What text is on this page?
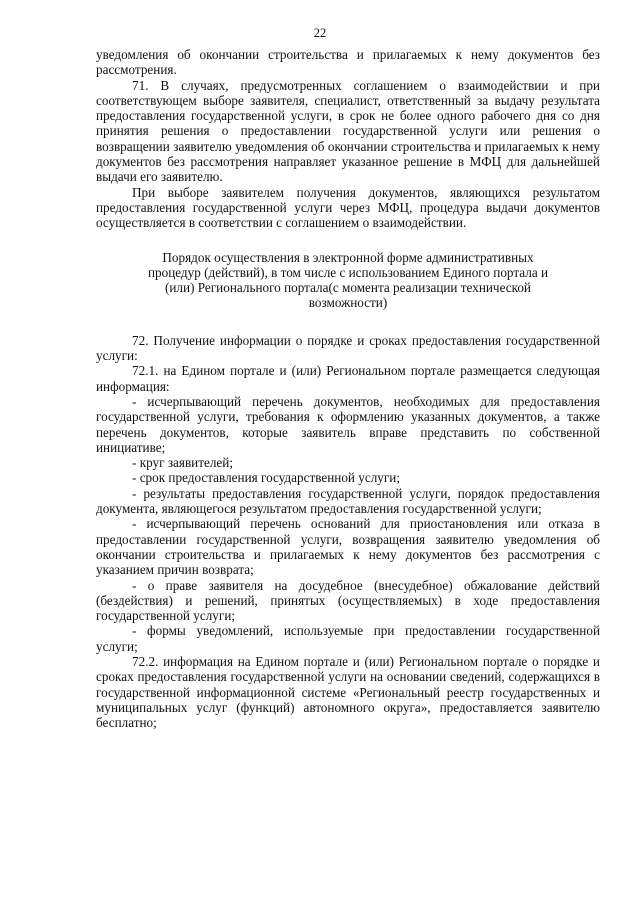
22

уведомления об окончании строительства и прилагаемых к нему документов без рассмотрения.

71. В случаях, предусмотренных соглашением о взаимодействии и при соответствующем выборе заявителя, специалист, ответственный за выдачу результата предоставления государственной услуги, в срок не более одного рабочего дня со дня принятия решения о предоставлении государственной услуги или решения о возвращении заявителю уведомления об окончании строительства и прилагаемых к нему документов без рассмотрения направляет указанное решение в МФЦ для дальнейшей выдачи его заявителю.

При выборе заявителем получения документов, являющихся результатом предоставления государственной услуги через МФЦ, процедура выдачи документов осуществляется в соответствии с соглашением о взаимодействии.

Порядок осуществления в электронной форме административных процедур (действий), в том числе с использованием Единого портала и (или) Регионального портала(с момента реализации технической возможности)

72. Получение информации о порядке и сроках предоставления государственной услуги:

72.1. на Едином портале и (или) Региональном портале размещается следующая информация:

- исчерпывающий перечень документов, необходимых для предоставления государственной услуги, требования к оформлению указанных документов, а также перечень документов, которые заявитель вправе представить по собственной инициативе;

- круг заявителей;

- срок предоставления государственной услуги;

- результаты предоставления государственной услуги, порядок предоставления документа, являющегося результатом предоставления государственной услуги;

- исчерпывающий перечень оснований для приостановления или отказа в предоставлении государственной услуги, возвращения заявителю уведомления об окончании строительства и прилагаемых к нему документов без рассмотрения с указанием причин возврата;

- о праве заявителя на досудебное (внесудебное) обжалование действий (бездействия) и решений, принятых (осуществляемых) в ходе предоставления государственной услуги;

- формы уведомлений, используемые при предоставлении государственной услуги;

72.2. информация на Едином портале и (или) Региональном портале о порядке и сроках предоставления государственной услуги на основании сведений, содержащихся в государственной информационной системе «Региональный реестр государственных и муниципальных услуг (функций) автономного округа», предоставляется заявителю бесплатно;
